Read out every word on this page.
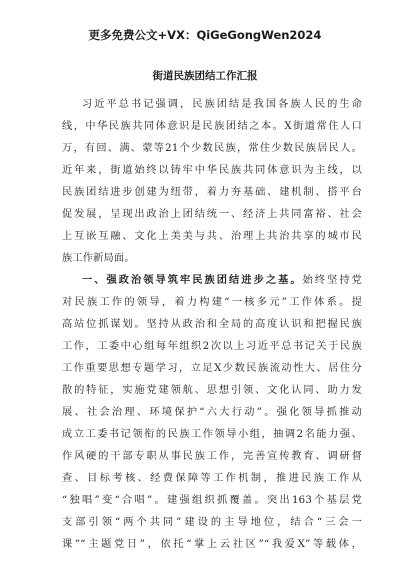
更多免费公文+VX：QiGeGongWen2024
街道民族团结工作汇报
习近平总书记强调，民族团结是我国各族人民的生命
线，中华民族共同体意识是民族团结之本。X街道常住人口
万，有回、满、蒙等21个少数民族，常住少数民族居民人。
近年来，街道始终以铸牢中华民族共同体意识为主线，以
民族团结进步创建为纽带，着力夯基础、建机制、搭平台
促发展，呈现出政治上团结统一、经济上共同富裕、社会
上互嵌互融、文化上美美与共、治理上共治共享的城市民
族工作新局面。
一、强政治领导筑牢民族团结进步之基。始终坚持党
对民族工作的领导，着力构建“一核多元”工作体系。提
高站位抓谋划。坚持从政治和全局的高度认识和把握民族
工作，工委中心组每年组织2次以上习近平总书记关于民族
工作重要思想专题学习，立足X少数民族流动性大、居住分
散的特征，实施党建领航、思想引领、文化认同、助力发
展、社会治理、环境保护“六大行动”。强化领导抓推动
成立工委书记领衔的民族工作领导小组，抽调2名能力强、
作风硬的干部专职从事民族工作，完善宣传教育、调研督
查、目标考核、经费保障等工作机制，推进民族工作从
“独唱”变“合唱”。建强组织抓覆盖。突出163个基层党
支部引领“两个共同”建设的主导地位，结合“三会一
课”“主题党日”，依托“掌上云社区”“我爱X”等载体，
